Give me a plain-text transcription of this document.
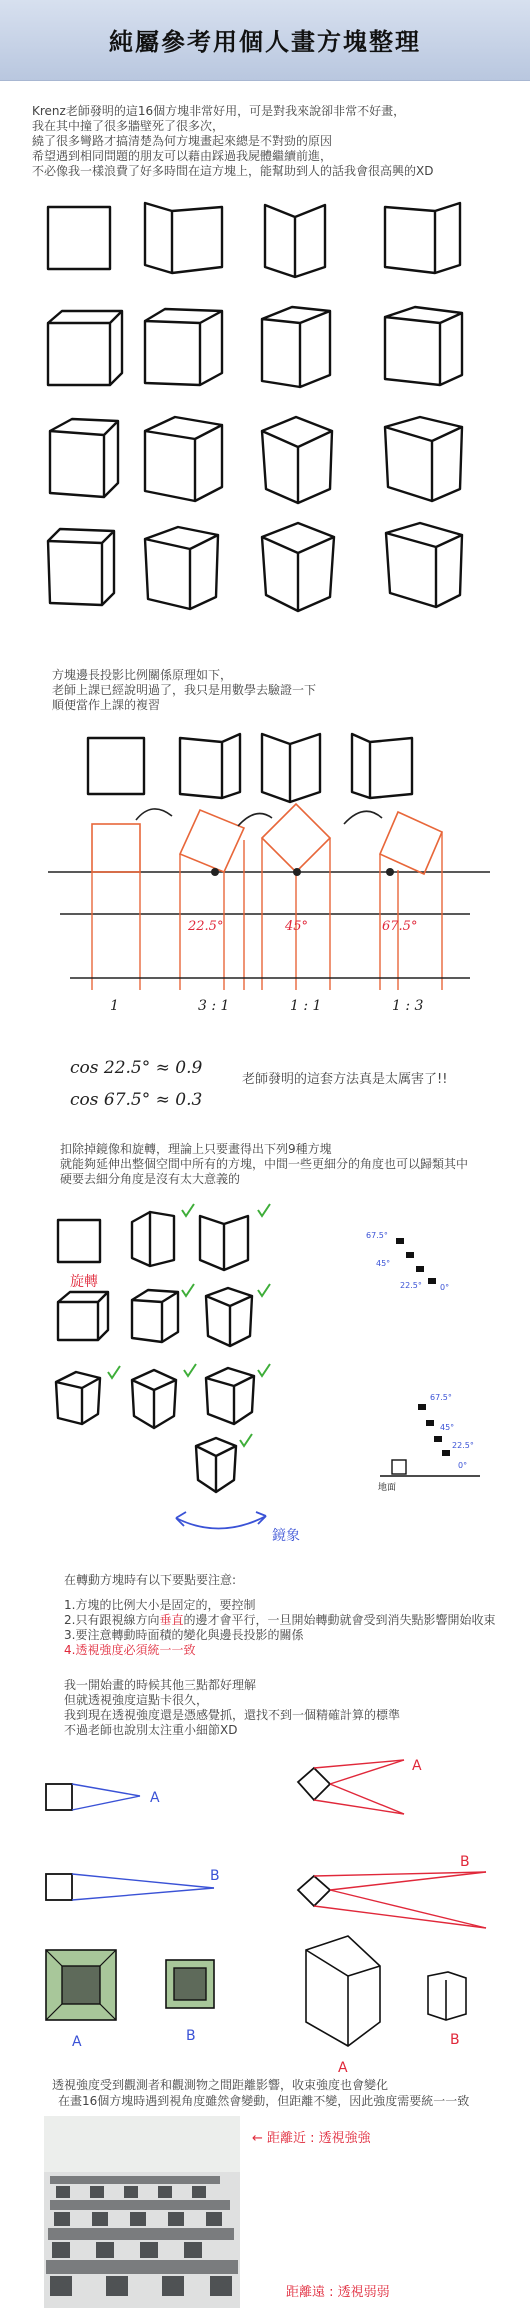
純屬參考用個人畫方塊整理
Krenz老師發明的這16個方塊非常好用，可是對我來說卻非常不好畫，
我在其中撞了很多牆壁死了很多次，
繞了很多彎路才搞清楚為何方塊畫起來總是不對勁的原因
希望遇到相同問題的朋友可以藉由踩過我屍體繼續前進，
不必像我一樣浪費了好多時間在這方塊上，能幫助到人的話我會很高興的XD
方塊邊長投影比例關係原理如下，
老師上課已經說明過了，我只是用數學去驗證一下
順便當作上課的複習
22.5°	45°	67.5°
1	3 : 1	1 : 1	1 : 3
cos 22.5° ≈ 0.9
cos 67.5° ≈ 0.3
老師發明的這套方法真是太厲害了!!
扣除掉鏡像和旋轉，理論上只要畫得出下列9種方塊
就能夠延伸出整個空間中所有的方塊，中間一些更細分的角度也可以歸類其中
硬要去細分角度是沒有太大意義的
旋轉
鏡象
67.5°
45°
22.5° 0°
67.5°
45°
22.5°
0°
地面
在轉動方塊時有以下要點要注意:
1.方塊的比例大小是固定的，要控制
2.只有跟視線方向垂直的邊才會平行，一旦開始轉動就會受到消失點影響開始收束
3.要注意轉動時面積的變化與邊長投影的關係
4.透視強度必須統一一致
我一開始畫的時候其他三點都好理解
但就透視強度這點卡很久，
我到現在透視強度還是憑感覺抓，還找不到一個精確計算的標準
不過老師也說別太注重小細節XD
A
B
A
B
A	B
A
B
透視強度受到觀測者和觀測物之間距離影響，收束強度也會變化
在畫16個方塊時遇到視角度雖然會變動，但距離不變，因此強度需要統一一致
← 距離近 : 透視強強
距離遠 : 透視弱弱
